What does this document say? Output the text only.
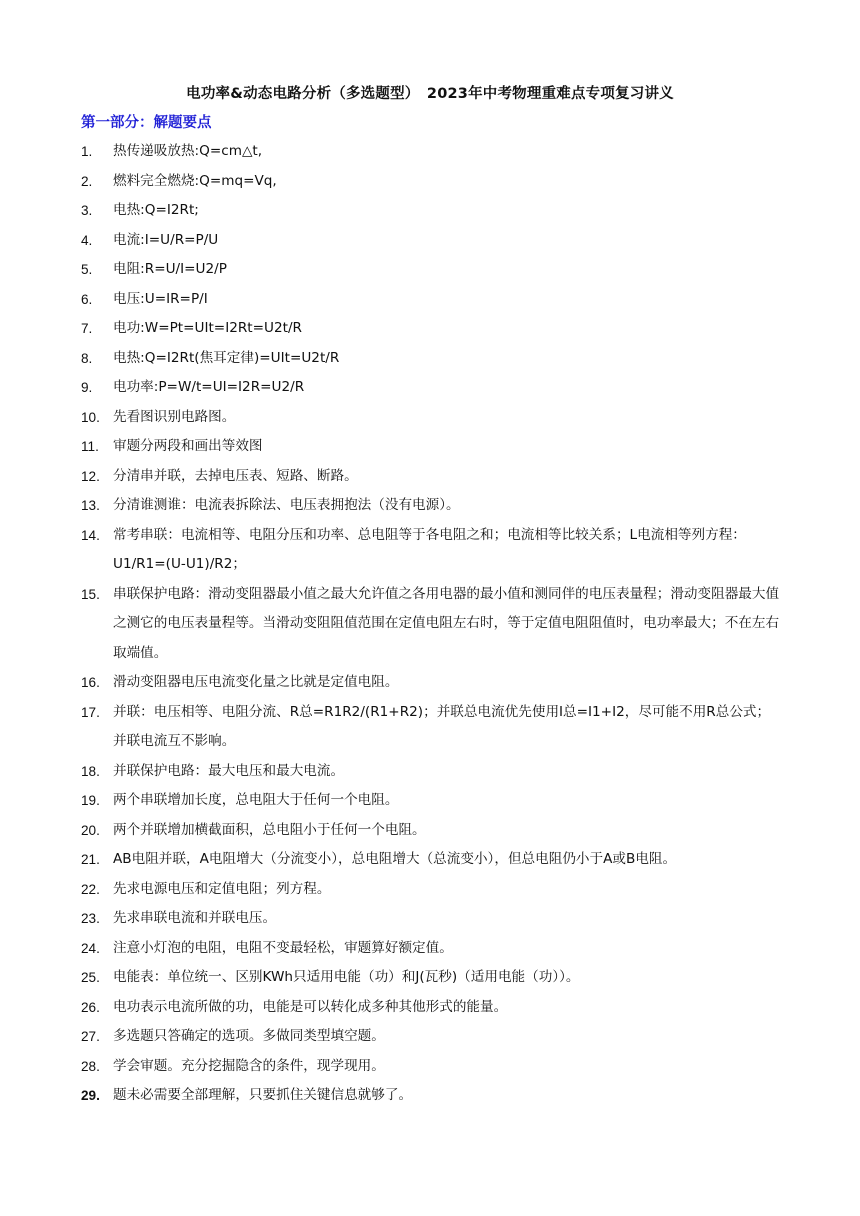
电功率&动态电路分析（多选题型）　2023年中考物理重难点专项复习讲义
第一部分：解题要点
1.	热传递吸放热:Q=cm△t,
2.	燃料完全燃烧:Q=mq=Vq,
3.	电热:Q=I2Rt;
4.	电流:I=U/R=P/U
5.	电阻:R=U/I=U2/P
6.	电压:U=IR=P/I
7.	电功:W=Pt=UIt=I2Rt=U2t/R
8.	电热:Q=I2Rt(焦耳定律)=UIt=U2t/R
9.	电功率:P=W/t=UI=I2R=U2/R
10. 先看图识别电路图。
11.	审题分两段和画出等效图
12. 分清串并联，去掉电压表、短路、断路。
13. 分清谁测谁：电流表拆除法、电压表拥抱法（没有电源）。
14. 常考串联：电流相等、电阻分压和功率、总电阻等于各电阻之和；电流相等比较关系；L电流相等列方程：U1/R1=(U-U1)/R2；
15. 串联保护电路：滑动变阻器最小值之最大允许值之各用电器的最小值和测同伴的电压表量程；滑动变阻器最大值之测它的电压表量程等。当滑动变阻阻值范围在定值电阻左右时，等于定值电阻阻值时，电功率最大；不在左右取端值。
16. 滑动变阻器电压电流变化量之比就是定值电阻。
17. 并联：电压相等、电阻分流、R总=R1R2/(R1+R2)；并联总电流优先使用I总=I1+I2，尽可能不用R总公式；并联电流互不影响。
18. 并联保护电路：最大电压和最大电流。
19. 两个串联增加长度，总电阻大于任何一个电阻。
20. 两个并联增加横截面积，总电阻小于任何一个电阻。
21. AB电阻并联，A电阻增大（分流变小），总电阻增大（总流变小），但总电阻仍小于A或B电阻。
22. 先求电源电压和定值电阻；列方程。
23. 先求串联电流和并联电压。
24. 注意小灯泡的电阻，电阻不变最轻松，审题算好额定值。
25. 电能表：单位统一、区别KWh只适用电能（功）和J(瓦秒)（适用电能（功））。
26. 电功表示电流所做的功，电能是可以转化成多种其他形式的能量。
27. 多选题只答确定的选项。多做同类型填空题。
28. 学会审题。充分挖掘隐含的条件，现学现用。
29. 题未必需要全部理解，只要抓住关键信息就够了。
